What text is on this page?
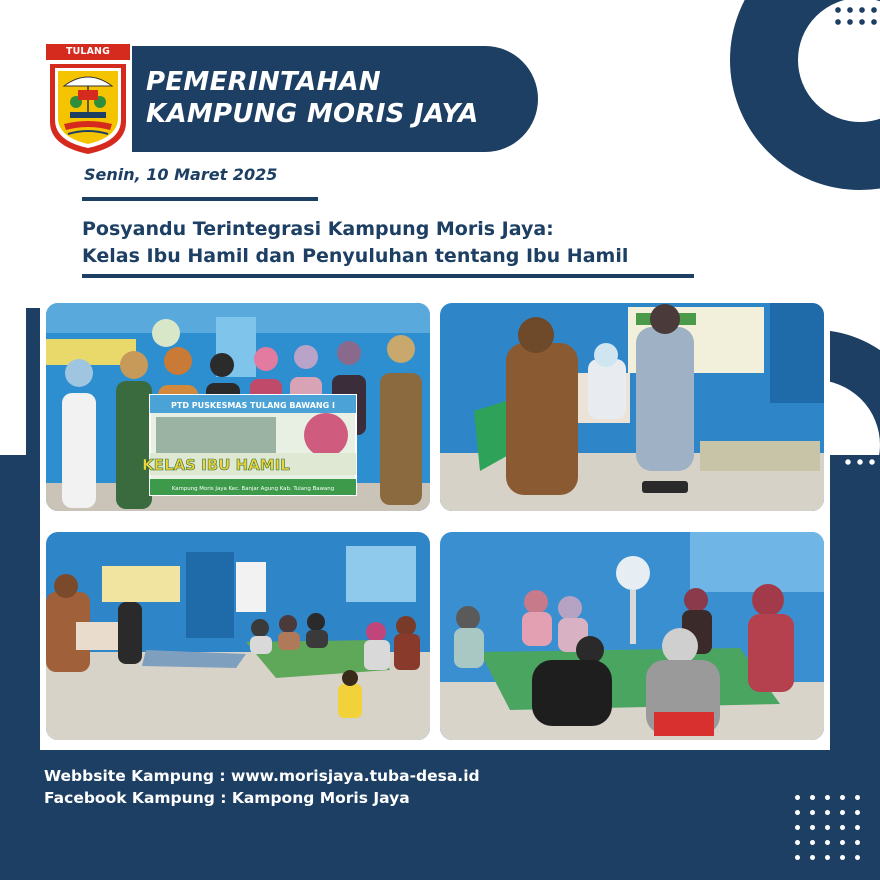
TULANG
PEMERINTAHAN
KAMPUNG MORIS JAYA
Senin, 10 Maret 2025
Posyandu Terintegrasi Kampung Moris Jaya:
Kelas Ibu Hamil dan Penyuluhan tentang Ibu Hamil
PTD PUSKESMAS TULANG BAWANG I
KELAS IBU HAMIL
Kampung Moris Jaya Kec. Banjar Agung Kab. Tulang Bawang
Webbsite Kampung : www.morisjaya.tuba-desa.id
Facebook Kampung : Kampong Moris Jaya
